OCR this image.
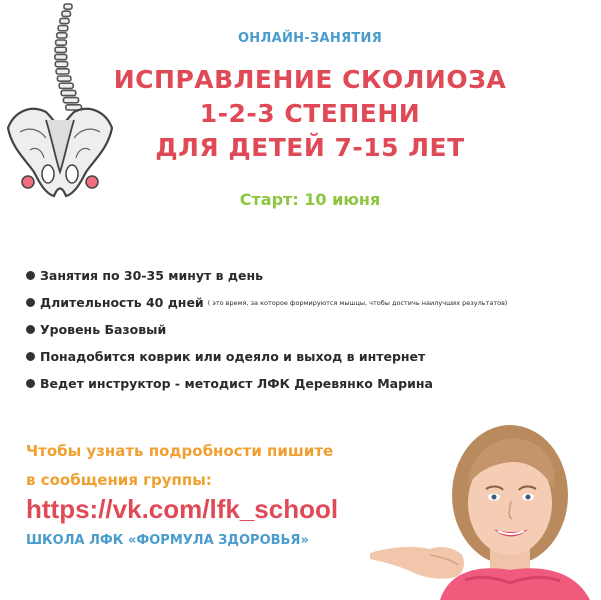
ОНЛАЙН-ЗАНЯТИЯ
ИСПРАВЛЕНИЕ СКОЛИОЗА
1-2-3 СТЕПЕНИ
ДЛЯ ДЕТЕЙ 7-15 ЛЕТ
Старт: 10 июня
Занятия по 30-35 минут в день
Длительность 40 дней ( это время, за которое формируются мышцы, чтобы достичь наилучших результатов)
Уровень Базовый
Понадобится коврик или одеяло и выход в интернет
Ведет инструктор - методист ЛФК Деревянко Марина
Чтобы узнать подробности пишите
в сообщения группы:
https://vk.com/lfk_school
ШКОЛА ЛФК «ФОРМУЛА ЗДОРОВЬЯ»
